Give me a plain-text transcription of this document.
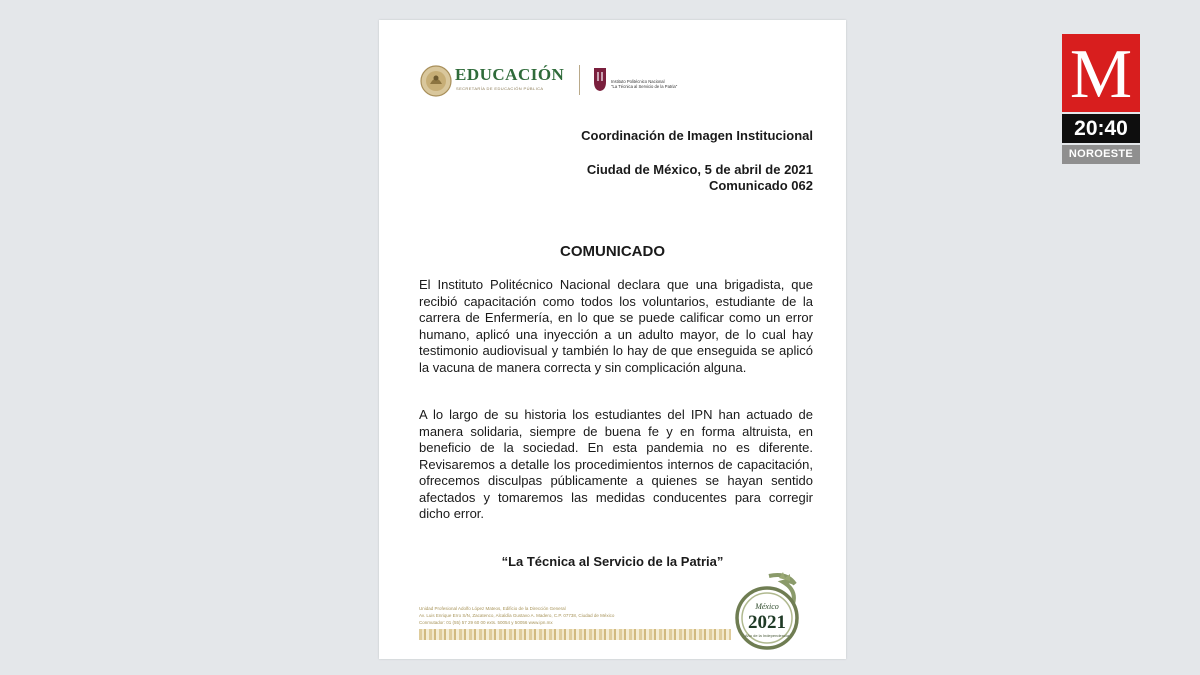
EDUCACIÓN
SECRETARÍA DE EDUCACIÓN PÚBLICA
Instituto Politécnico Nacional
"La Técnica al Servicio de la Patria"
Coordinación de Imagen Institucional
Ciudad de México, 5 de abril de 2021
Comunicado 062
COMUNICADO

El Instituto Politécnico Nacional declara que una brigadista, que recibió capacitación como todos los voluntarios, estudiante de la carrera de Enfermería, en lo que se puede calificar como un error humano, aplicó una inyección a un adulto mayor, de lo cual hay testimonio audiovisual y también lo hay de que enseguida se aplicó la vacuna de manera correcta y sin complicación alguna.

A lo largo de su historia los estudiantes del IPN han actuado de manera solidaria, siempre de buena fe y en forma altruista, en beneficio de la sociedad. En esta pandemia no es diferente. Revisaremos a detalle los procedimientos internos de capacitación, ofrecemos disculpas públicamente a quienes se hayan sentido afectados y tomaremos las medidas conducentes para corregir dicho error.

“La Técnica al Servicio de la Patria”
Unidad Profesional Adolfo López Mateos, Edificio de la Dirección General
Av. Luis Enrique Erro S/N, Zacatenco, Alcaldía Gustavo A. Madero, C.P. 07738, Ciudad de México
Conmutador: 01 (55) 57 29 60 00 exts. 50054 y 50056 www.ipn.mx
México
2021
Año de la Independencia
M
20:40
NOROESTE
